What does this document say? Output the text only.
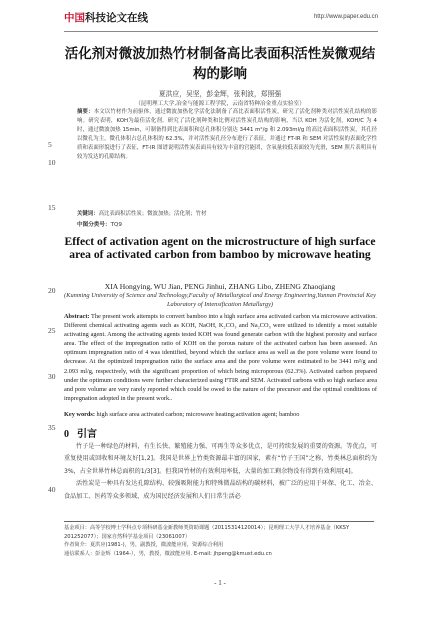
中国科技论文在线	http://www.paper.edu.cn
5
10
15
20
25
30
35
40
活化剂对微波加热竹材制备高比表面积活性炭微观结构的影响
夏洪应，吴坚，彭金辉，张利波，郑照强
（昆明理工大学,冶金与能源工程学院，云南省特种冶金重点实验室）
摘要：本文以竹材作为前驱体，通过微波加热化学活化法制备了高比表面积活性炭，研究了活化剂种类对活性炭孔结构的影响。研究表明，KOH为最佳活化剂。研究了活化剂种类和比例对活性炭孔结构的影响，当以 KOH 为活化剂，KOH/C 为 4 时，通过微波加热 15min，可制备得到比表面积和总孔体积分别达 3441 m²/g 和 2.093ml/g 的高比表面积活性炭，其孔径以微孔为主，微孔体积占总孔体积的 62.3%，并对活性炭孔径分布进行了表征，并通过 FT-IR 和 SEM 对活性炭的表面化学性质和表面形貌进行了表征，FT-IR 图谱说明活性炭表面具有较为丰富的官能团，含氧量较低表面较为光滑，SEM 照片表明具有较为发达的孔隙结构。
关键词：高比表面积活性炭；微波加热；活化剂；竹材
中图分类号：TQ9
Effect of activation agent on the microstructure of high surface area of activated carbon from bamboo by microwave heating
XIA Hongying, WU Jian, PENG Jinhui, ZHANG Libo, ZHENG Zhaoqiang
(Kunming University of Science and Technology,Faculty of Metallurgical and Energy Engineering,Yunnan Provincial Key Laboratory of Intensification Metallurgy)
Abstract: The present work attempts to convert bamboo into a high surface area activated carbon via microwave activation. Different chemical activating agents such as KOH, NaOH, K₂CO₃ and Na₂CO₃ were utilized to identify a most suitable activating agent. Among the activating agents tested KOH was found generate carbon with the highest porosity and surface area. The effect of the impregnation ratio of KOH on the porous nature of the activated carbon has been assessed. An optimum impregnation ratio of 4 was identified, beyond which the surface area as well as the pore volume were found to decrease. At the optimized impregnation ratio the surface area and the pore volume were estimated to be 3441 m²/g and 2.093 ml/g, respectively, with the significant proportion of which being microporous (62.3%). Activated carbon prepared under the optimum conditions were further characterized using FTIR and SEM. Activated carbons with so high surface area and pore volume are very rarely reported which could be owed to the nature of the precursor and the optimal conditions of impregnation adopted in the present work..
Key words: high surface area activated carbon; microwave heating;activation agent; bamboo
0 引言

竹子是一种绿色的材料，有生长快、繁殖能力强、可再生等众多优点，是可持续发展的重要的资源。等优点，可重复使用或回收和环境友好[1,2]。我国是世界上竹类资源最丰富的国家，素有“竹子王国”之称，竹类林总面积约为3%，占全世界竹林总面积的1/3[3]。但我国竹材的有效利用率低，大量的加工剩余物没有得到有效利用[4]。

活性炭是一种具有发达孔隙结构、较强吸附能力和特殊微晶结构的碳材料，被广泛的应用于环保、化工、冶金、食品加工、医药等众多领域，成为国民经济发展和人们日常生活必

基金项目：高等学校博士学科点专项科研基金新教师类资助课题（20115314120014）；昆明理工大学人才培养基金（KKSY 201252077）；国家自然科学基金项目（23061007）

作者简介：夏洪应(1981-)，男，副教授，微波能应用，资源综合利用

通信联系人：彭金辉（1964-），男，教授，微波能应用. E-mail: jhpeng@kmust.edu.cn

- 1 -
